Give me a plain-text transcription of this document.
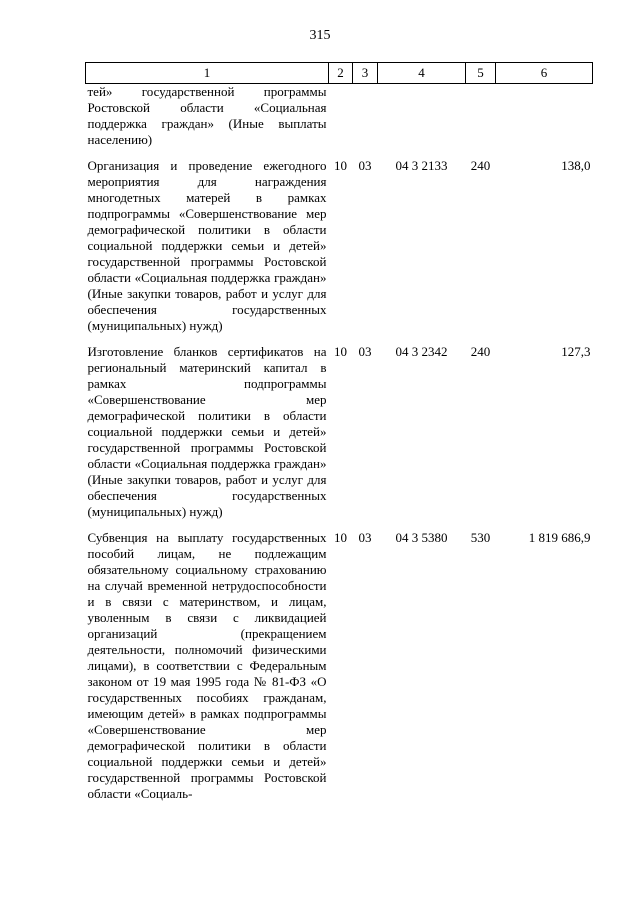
315
1	2	3	4	5	6
тей» государственной программы Ростовской области «Социальная поддержка граждан» (Иные выплаты населению)					
Организация и проведение ежегодного мероприятия для награждения многодетных матерей в рамках подпрограммы «Совершенствование мер демографической политики в области социальной поддержки семьи и детей» государственной программы Ростовской области «Социальная поддержка граждан» (Иные закупки товаров, работ и услуг для обеспечения государственных (муниципальных) нужд)	10	03	04 3 2133	240	138,0
Изготовление бланков сертификатов на региональный материнский капитал в рамках подпрограммы «Совершенствование мер демографической политики в области социальной поддержки семьи и детей» государственной программы Ростовской области «Социальная поддержка граждан» (Иные закупки товаров, работ и услуг для обеспечения государственных (муниципальных) нужд)	10	03	04 3 2342	240	127,3
Субвенция на выплату государственных пособий лицам, не подлежащим обязательному социальному страхованию на случай временной нетрудоспособности и в связи с материнством, и лицам, уволенным в связи с ликвидацией организаций (прекращением деятельности, полномочий физическими лицами), в соответствии с Федеральным законом от 19 мая 1995 года № 81-ФЗ «О государственных пособиях гражданам, имеющим детей» в рамках подпрограммы «Совершенствование мер демографической политики в области социальной поддержки семьи и детей» государственной программы Ростовской области «Социаль-	10	03	04 3 5380	530	1 819 686,9
